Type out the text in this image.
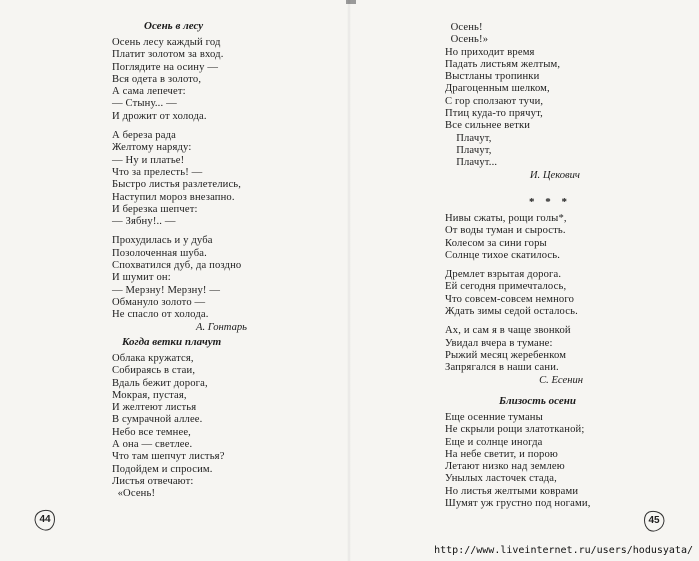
Осень в лесу
Осень лесу каждый год
Платит золотом за вход.
Поглядите на осину —
Вся одета в золото,
А сама лепечет:
— Стыну... —
И дрожит от холода.
А береза рада
Желтому наряду:
— Ну и платье!
Что за прелесть! —
Быстро листья разлетелись,
Наступил мороз внезапно.
И березка шепчет:
— Зябну!.. —
Прохудилась и у дуба
Позолоченная шуба.
Спохватился дуб, да поздно
И шумит он:
— Мерзну! Мерзну! —
Обмануло золото —
Не спасло от холода.
А. Гонтарь
Когда ветки плачут
Облака кружатся,
Собираясь в стаи,
Вдаль бежит дорога,
Мокрая, пустая,
И желтеют листья
В сумрачной аллее.
Небо все темнее,
А она — светлее.
Что там шепчут листья?
Подойдем и спросим.
Листья отвечают:
«Осень!
44
Осень!
Осень!»
Но приходит время
Падать листьям желтым,
Выстланы тропинки
Драгоценным шелком,
С гор сползают тучи,
Птиц куда-то прячут,
Все сильнее ветки
Плачут,
Плачут,
Плачут...
И. Цекович
* * *
Нивы сжаты, рощи голы*,
От воды туман и сырость.
Колесом за сини горы
Солнце тихое скатилось.
Дремлет взрытая дорога.
Ей сегодня примечталось,
Что совсем-совсем немного
Ждать зимы седой осталось.
Ах, и сам я в чаще звонкой
Увидал вчера в тумане:
Рыжий месяц жеребенком
Запрягался в наши сани.
С. Есенин
Близость осени
Еще осенние туманы
Не скрыли рощи златотканой;
Еще и солнце иногда
На небе светит, и порою
Летают низко над землею
Унылых ласточек стада,
Но листья желтыми коврами
Шумят уж грустно под ногами,
45
http://www.liveinternet.ru/users/hodusyata/
